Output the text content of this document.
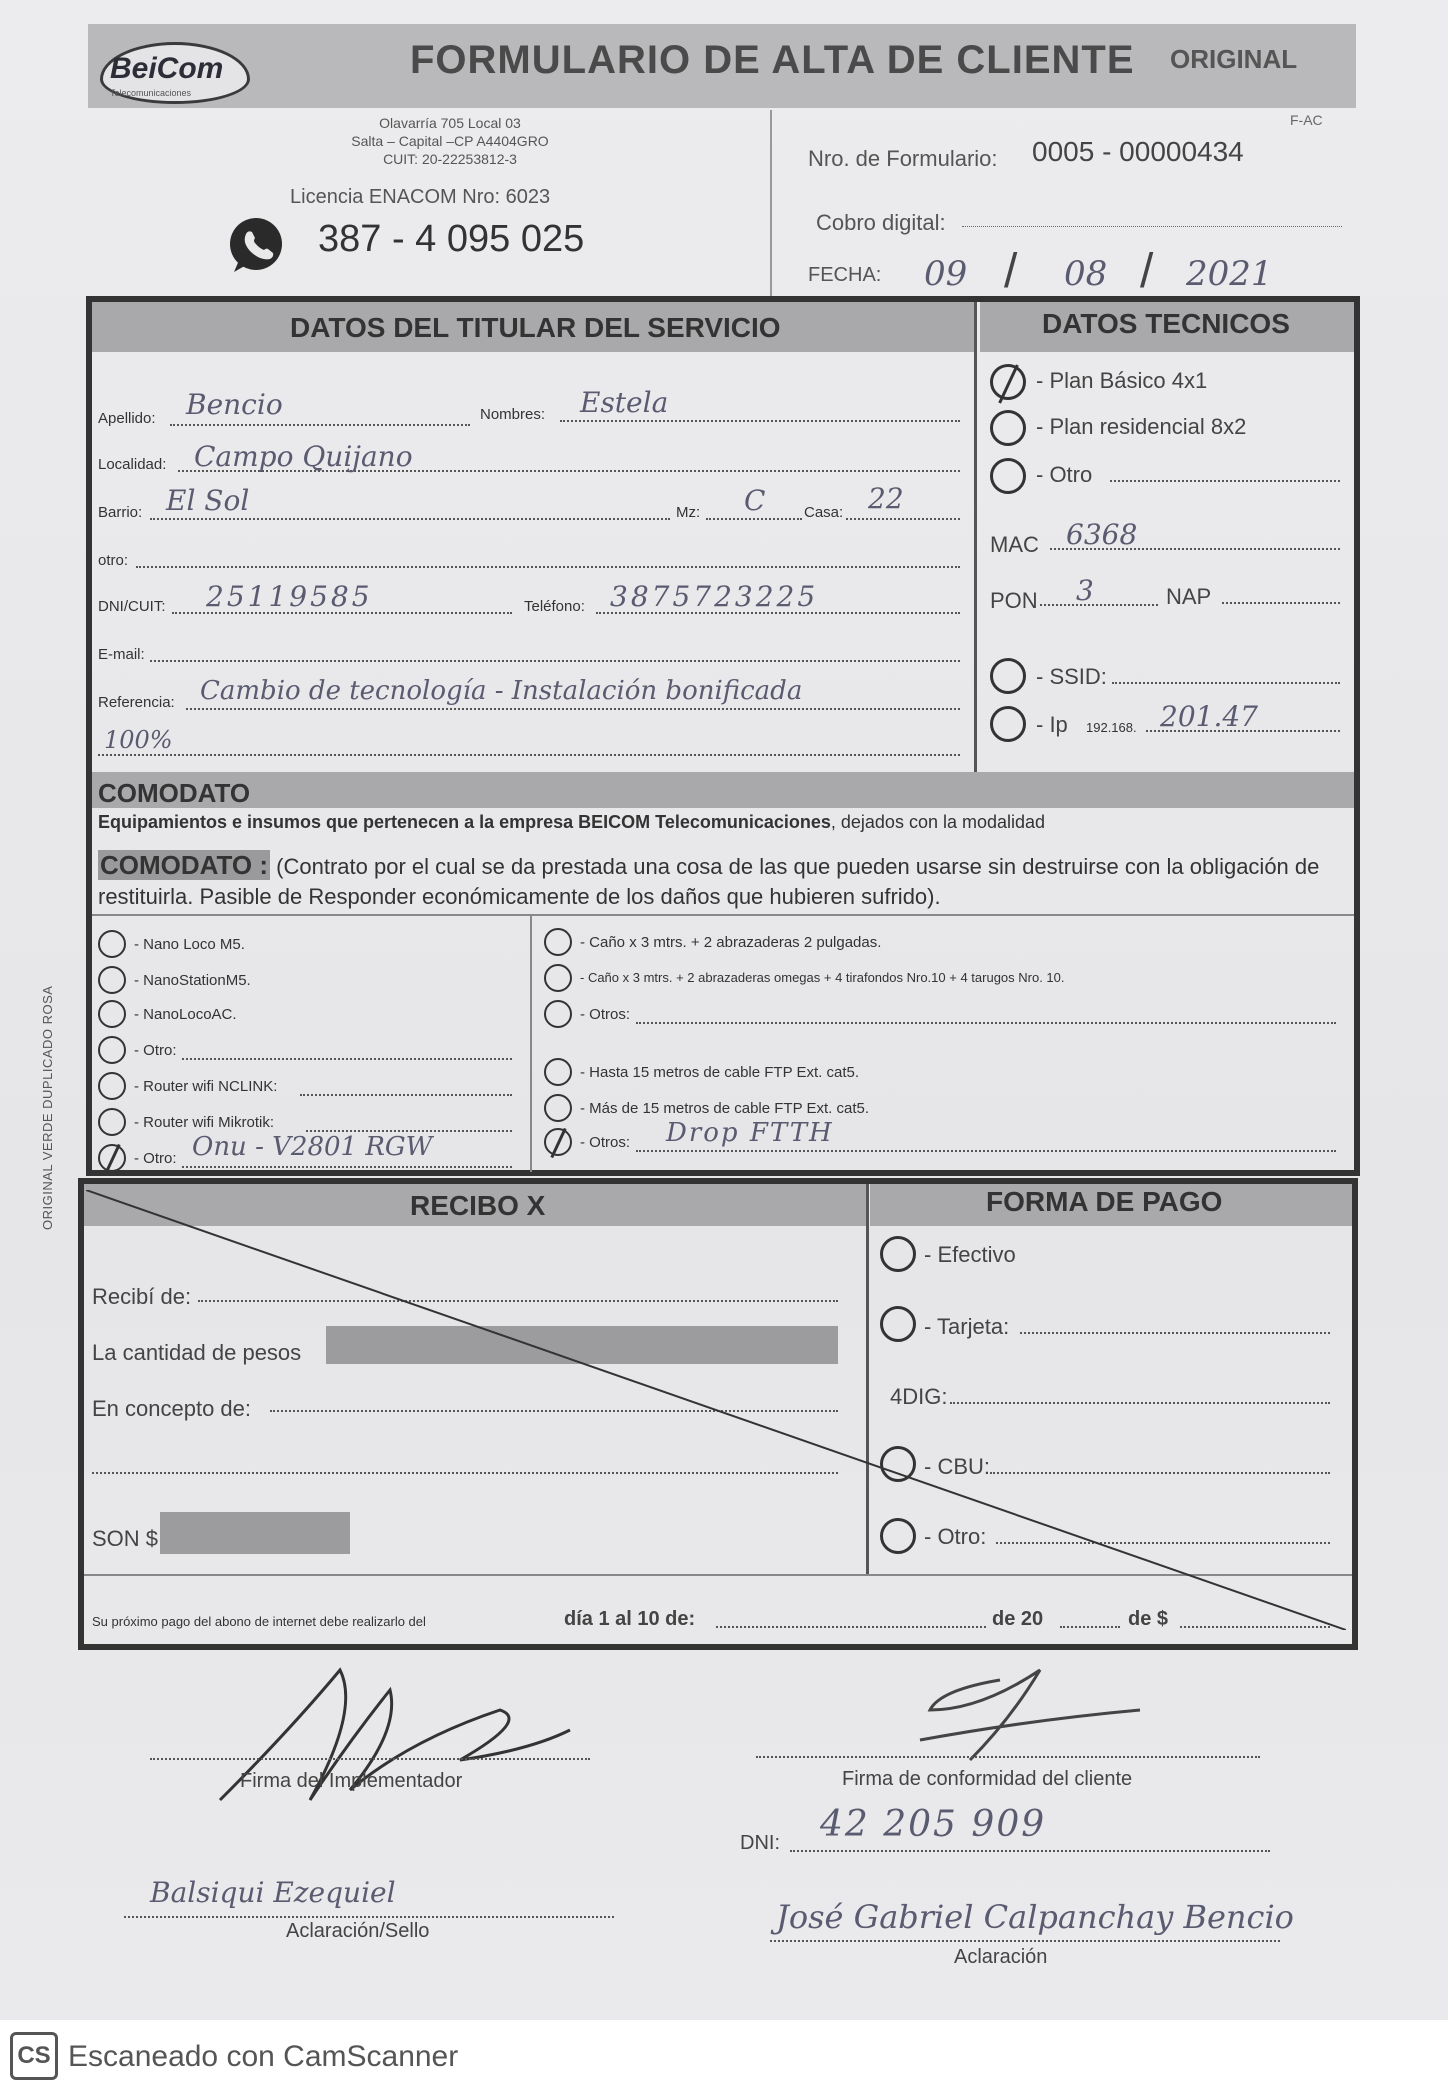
BeiCom
Telecomunicaciones
FORMULARIO DE ALTA DE CLIENTE ORIGINAL
F-AC
Olavarría 705 Local 03
Salta – Capital –CP A4404GRO
CUIT: 20-22253812-3
Licencia ENACOM Nro: 6023
387 - 4 095 025
Nro. de Formulario: 0005 - 00000434
Cobro digital:
FECHA: 09 / 08 / 2021
DATOS DEL TITULAR DEL SERVICIO	DATOS TECNICOS
Apellido: Bencio	Nombres: Estela
Localidad: Campo Quijano
Barrio: El Sol	Mz: C	Casa: 22
otro:
DNI/CUIT: 25119585	Teléfono: 3875723225
E-mail:
Referencia: Cambio de tecnología - Instalación bonificada
100%
- Plan Básico 4x1
- Plan residencial 8x2
- Otro
MAC 6368
PON 3	NAP
- SSID:
- Ip 192.168. 201.47
COMODATO
Equipamientos e insumos que pertenecen a la empresa BEICOM Telecomunicaciones, dejados con la modalidad
COMODATO : (Contrato por el cual se da prestada una cosa de las que pueden usarse sin destruirse con la obligación de restituirla. Pasible de Responder económicamente de los daños que hubieren sufrido).
- Nano Loco M5.
- NanoStationM5.
- NanoLocoAC.
- Otro:
- Router wifi NCLINK:
- Router wifi Mikrotik:
- Otro: Onu - V2801 RGW
- Caño x 3 mtrs. + 2 abrazaderas 2 pulgadas.
- Caño x 3 mtrs. + 2 abrazaderas omegas + 4 tirafondos Nro.10 + 4 tarugos Nro. 10.
- Otros:
- Hasta 15 metros de cable FTP Ext. cat5.
- Más de 15 metros de cable FTP Ext. cat5.
- Otros: Drop FTTH
RECIBO X	FORMA DE PAGO
Recibí de:
La cantidad de pesos
En concepto de:
SON $
- Efectivo
- Tarjeta:
4DIG:
- CBU:
- Otro:
Su próximo pago del abono de internet debe realizarlo del	día 1 al 10 de:	de 20	de $
Firma del Implementador	Firma de conformidad del cliente
DNI: 42 205 909
Balsiqui Ezequiel
Aclaración/Sello	José Gabriel Calpanchay Bencio
Aclaración
ORIGINAL VERDE DUPLICADO ROSA
CS Escaneado con CamScanner
